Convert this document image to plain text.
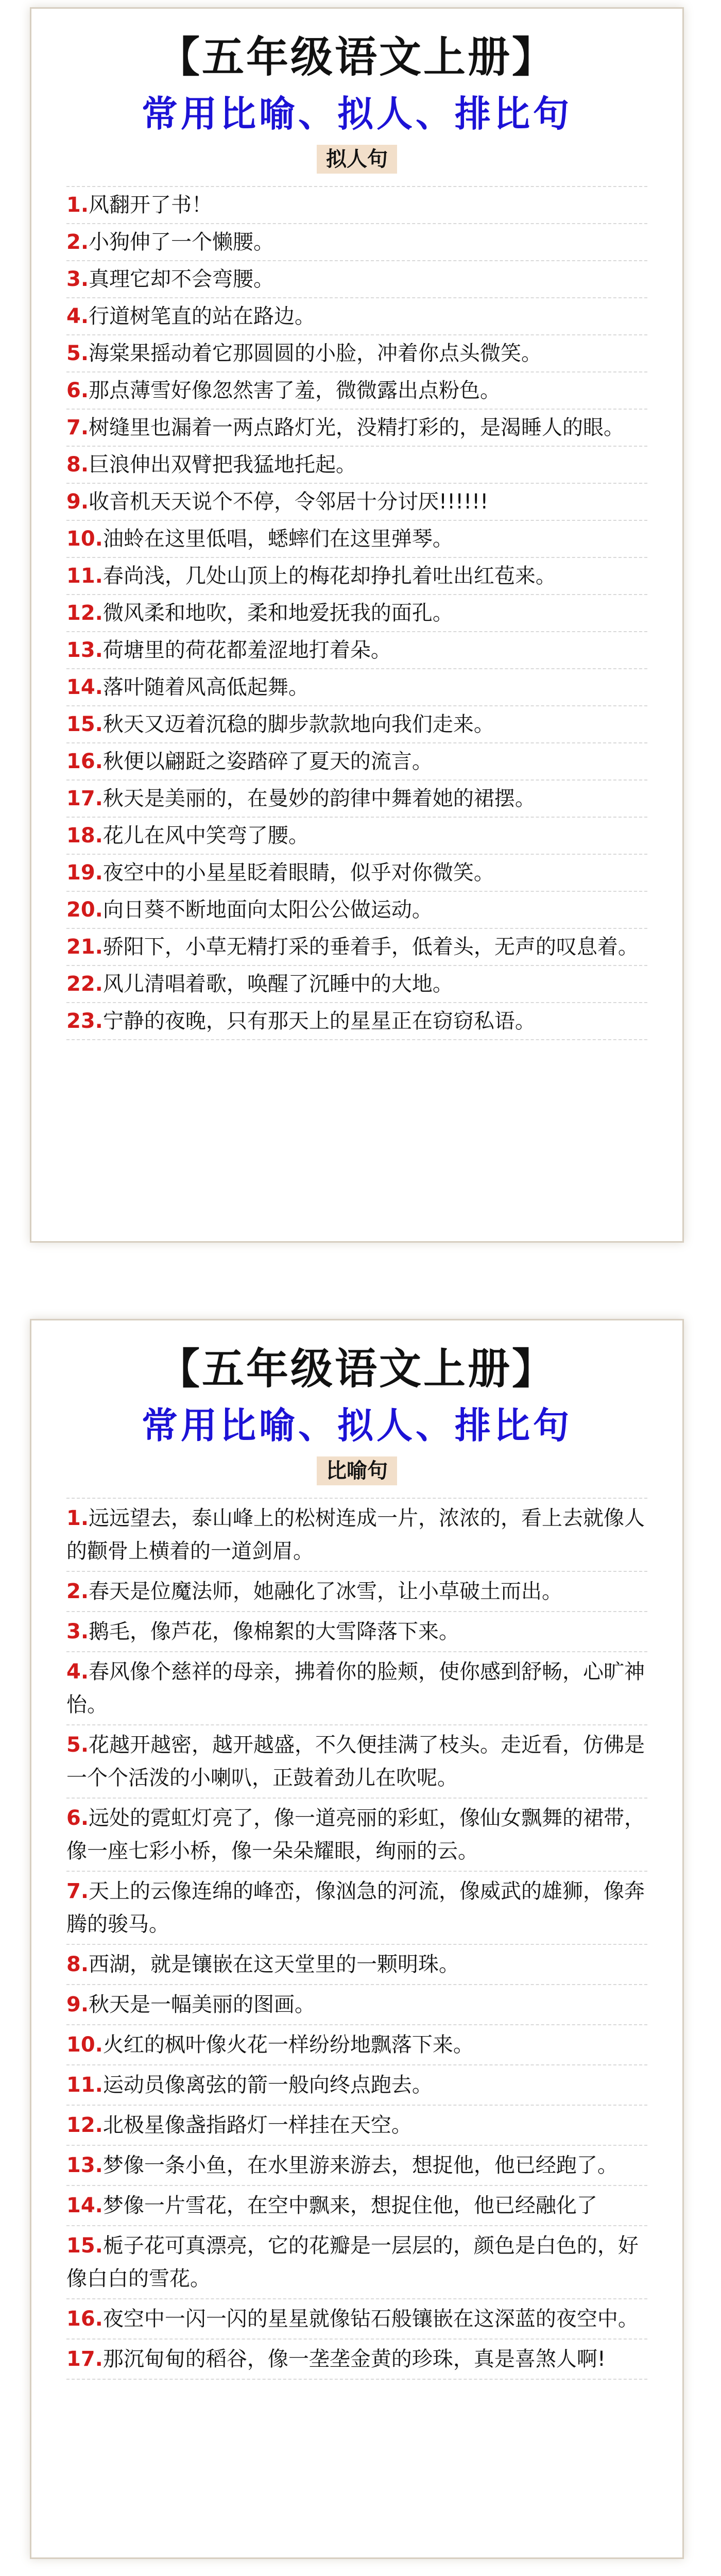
【五年级语文上册】
常用比喻、拟人、排比句
拟人句
1.风翻开了书！
2.小狗伸了一个懒腰。
3.真理它却不会弯腰。
4.行道树笔直的站在路边。
5.海棠果摇动着它那圆圆的小脸，冲着你点头微笑。
6.那点薄雪好像忽然害了羞，微微露出点粉色。
7.树缝里也漏着一两点路灯光，没精打彩的，是渴睡人的眼。
8.巨浪伸出双臂把我猛地托起。
9.收音机天天说个不停，令邻居十分讨厌!!!!!!
10.油蛉在这里低唱，蟋蟀们在这里弹琴。
11.春尚浅，几处山顶上的梅花却挣扎着吐出红苞来。
12.微风柔和地吹，柔和地爱抚我的面孔。
13.荷塘里的荷花都羞涩地打着朵。
14.落叶随着风高低起舞。
15.秋天又迈着沉稳的脚步款款地向我们走来。
16.秋便以翩跹之姿踏碎了夏天的流言。
17.秋天是美丽的，在曼妙的韵律中舞着她的裙摆。
18.花儿在风中笑弯了腰。
19.夜空中的小星星眨着眼睛，似乎对你微笑。
20.向日葵不断地面向太阳公公做运动。
21.骄阳下，小草无精打采的垂着手，低着头，无声的叹息着。
22.风儿清唱着歌，唤醒了沉睡中的大地。
23.宁静的夜晚，只有那天上的星星正在窃窃私语。
【五年级语文上册】
常用比喻、拟人、排比句
比喻句
1.远远望去，泰山峰上的松树连成一片，浓浓的，看上去就像人的颧骨上横着的一道剑眉。
2.春天是位魔法师，她融化了冰雪，让小草破土而出。
3.鹅毛，像芦花，像棉絮的大雪降落下来。
4.春风像个慈祥的母亲，拂着你的脸颊，使你感到舒畅，心旷神怡。
5.花越开越密，越开越盛，不久便挂满了枝头。走近看，仿佛是一个个活泼的小喇叭，正鼓着劲儿在吹呢。
6.远处的霓虹灯亮了，像一道亮丽的彩虹，像仙女飘舞的裙带，像一座七彩小桥，像一朵朵耀眼，绚丽的云。
7.天上的云像连绵的峰峦，像汹急的河流，像威武的雄狮，像奔腾的骏马。
8.西湖，就是镶嵌在这天堂里的一颗明珠。
9.秋天是一幅美丽的图画。
10.火红的枫叶像火花一样纷纷地飘落下来。
11.运动员像离弦的箭一般向终点跑去。
12.北极星像盏指路灯一样挂在天空。
13.梦像一条小鱼，在水里游来游去，想捉他，他已经跑了。
14.梦像一片雪花，在空中飘来，想捉住他，他已经融化了
15.栀子花可真漂亮，它的花瓣是一层层的，颜色是白色的，好像白白的雪花。
16.夜空中一闪一闪的星星就像钻石般镶嵌在这深蓝的夜空中。
17.那沉甸甸的稻谷，像一垄垄金黄的珍珠，真是喜煞人啊!
